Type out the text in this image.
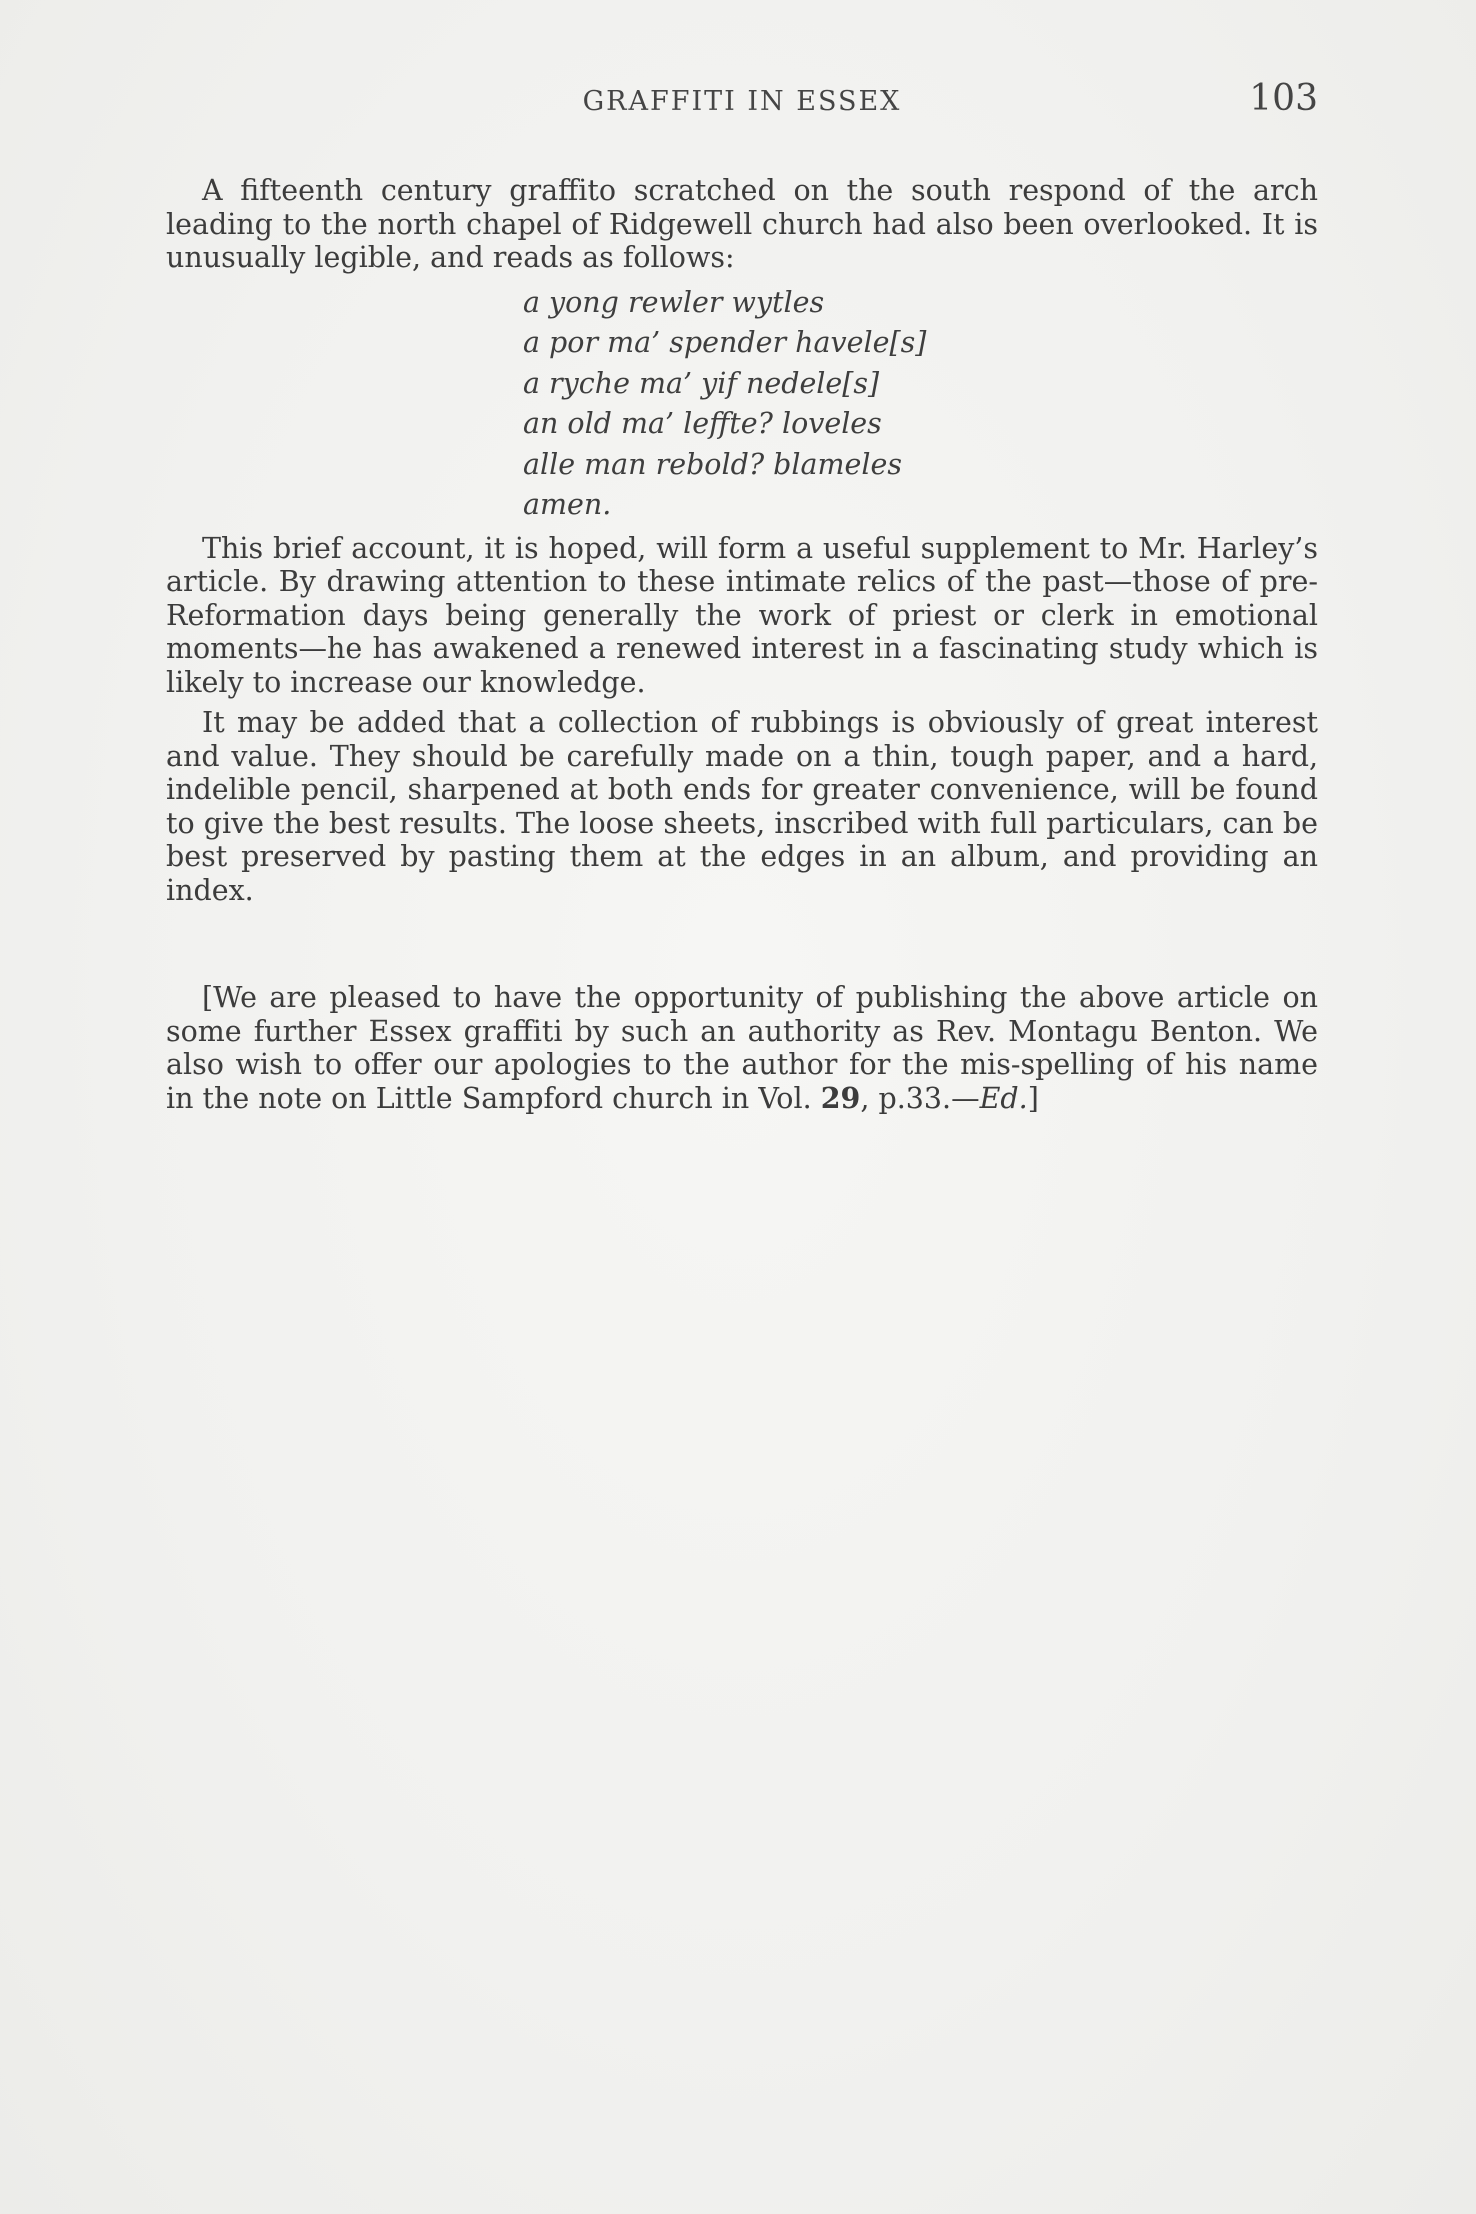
GRAFFITI IN ESSEX	103

A fifteenth century graffito scratched on the south respond of the arch leading to the north chapel of Ridgewell church had also been overlooked. It is unusually legible, and reads as follows:

a yong rewler wytles
a por ma’ spender havele[s]
a ryche ma’ yif nedele[s]
an old ma’ leffte? loveles
alle man rebold? blameles
amen.

This brief account, it is hoped, will form a useful supplement to Mr. Harley’s article. By drawing attention to these intimate relics of the past—those of pre-Reformation days being generally the work of priest or clerk in emotional moments—he has awakened a renewed interest in a fascinating study which is likely to increase our knowledge.

It may be added that a collection of rubbings is obviously of great interest and value. They should be carefully made on a thin, tough paper, and a hard, indelible pencil, sharpened at both ends for greater convenience, will be found to give the best results. The loose sheets, inscribed with full particulars, can be best preserved by pasting them at the edges in an album, and providing an index.

[We are pleased to have the opportunity of publishing the above article on some further Essex graffiti by such an authority as Rev. Montagu Benton. We also wish to offer our apologies to the author for the mis-spelling of his name in the note on Little Sampford church in Vol. 29, p.33.—Ed.]
